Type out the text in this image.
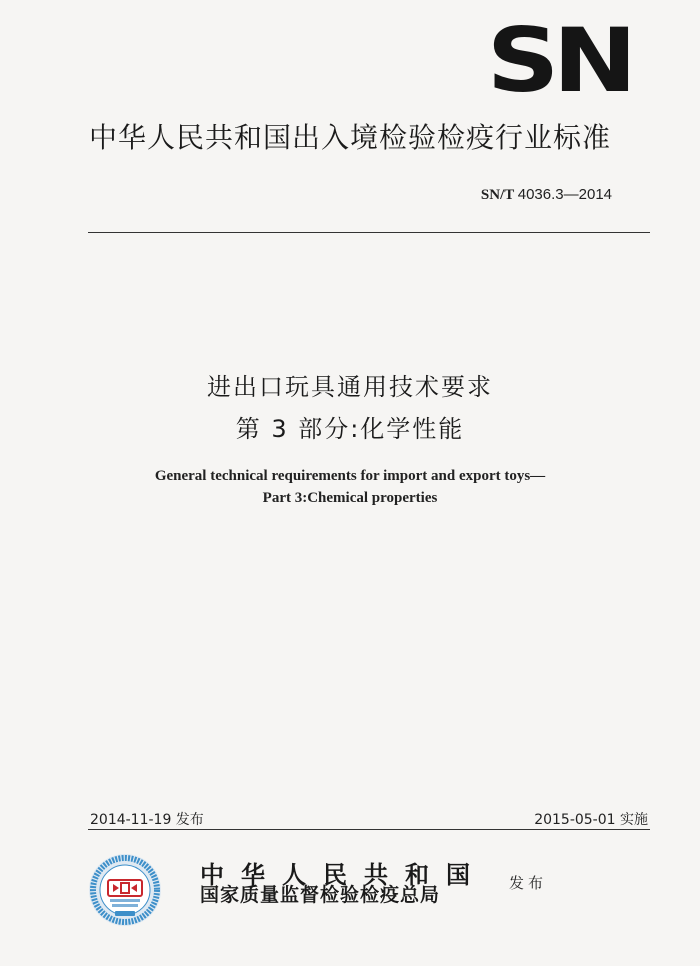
SN
中华人民共和国出入境检验检疫行业标准
SN/T 4036.3—2014
进出口玩具通用技术要求
第 3 部分:化学性能
General technical requirements for import and export toys—
Part 3:Chemical properties
2014-11-19 发布	2015-05-01 实施
中华人民共和国
国家质量监督检验检疫总局
发布
